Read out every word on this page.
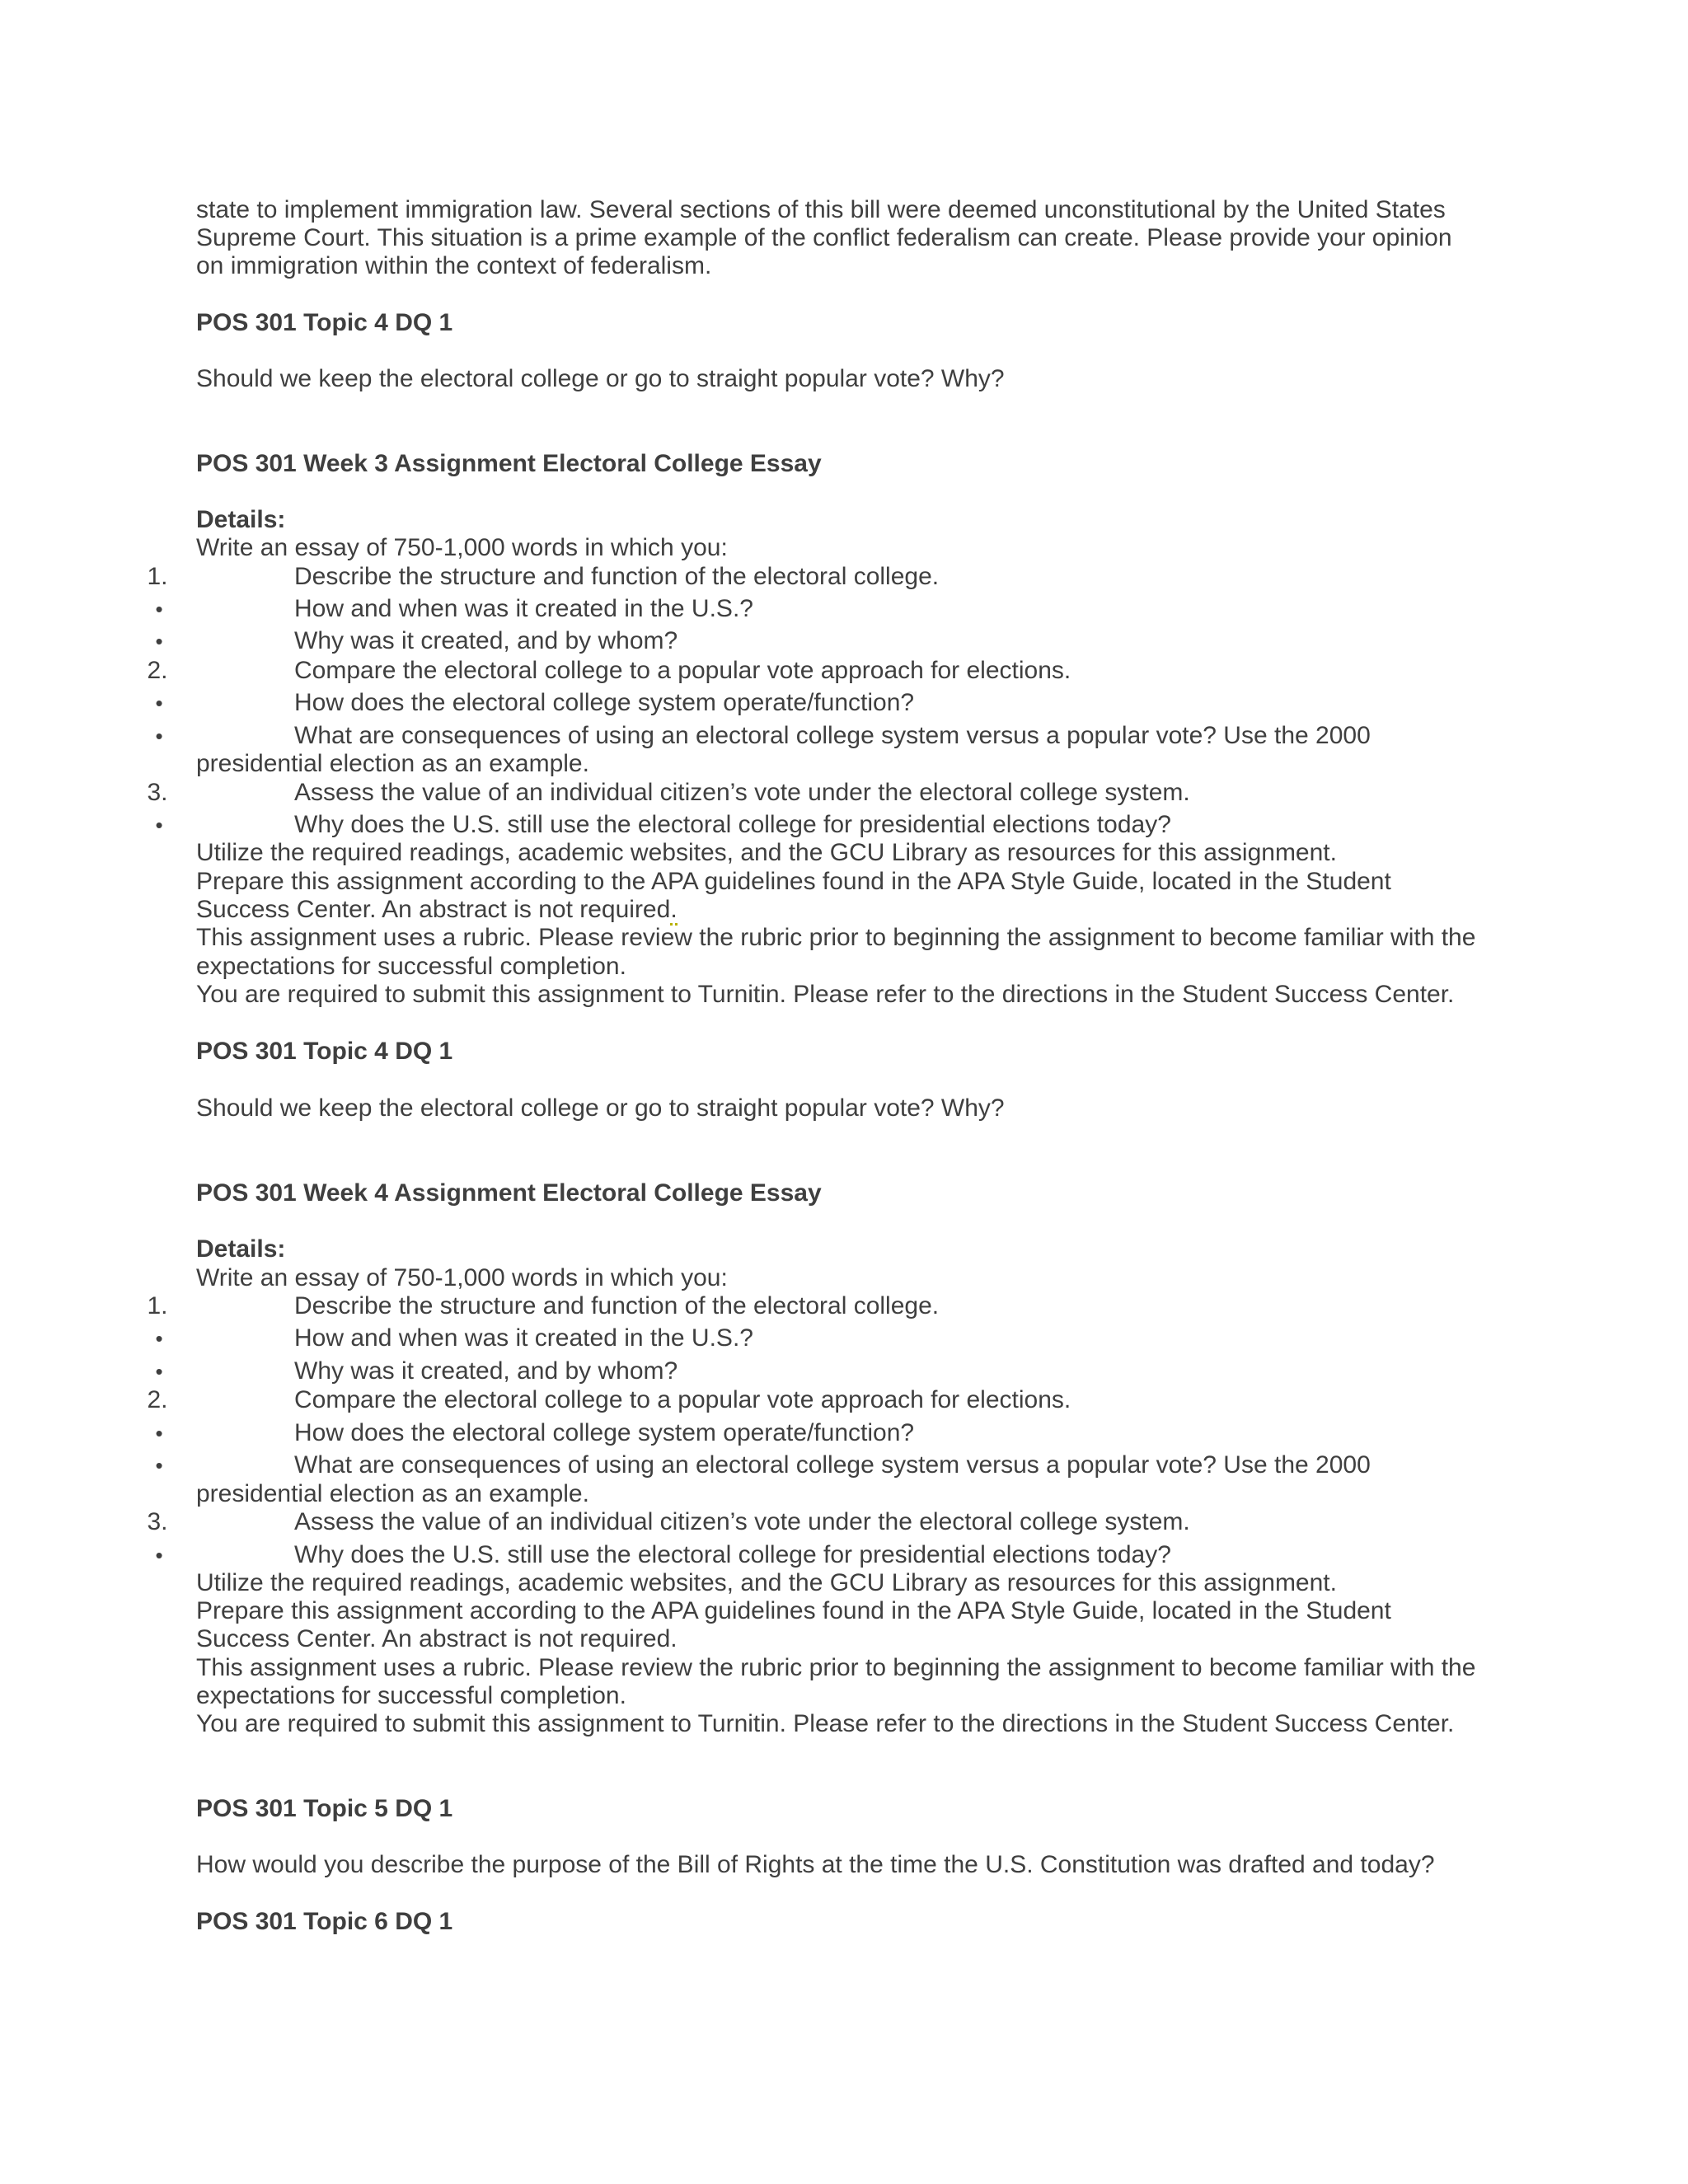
state to implement immigration law. Several sections of this bill were deemed unconstitutional by the United States
Supreme Court. This situation is a prime example of the conflict federalism can create. Please provide your opinion
on immigration within the context of federalism.
POS 301 Topic 4 DQ 1
Should we keep the electoral college or go to straight popular vote? Why?
POS 301 Week 3 Assignment Electoral College Essay
Details:
Write an essay of 750-1,000 words in which you:
1.	Describe the structure and function of the electoral college.
•	How and when was it created in the U.S.?
•	Why was it created, and by whom?
2.	Compare the electoral college to a popular vote approach for elections.
•	How does the electoral college system operate/function?
•	What are consequences of using an electoral college system versus a popular vote? Use the 2000
presidential election as an example.
3.	Assess the value of an individual citizen’s vote under the electoral college system.
•	Why does the U.S. still use the electoral college for presidential elections today?
Utilize the required readings, academic websites, and the GCU Library as resources for this assignment.
Prepare this assignment according to the APA guidelines found in the APA Style Guide, located in the Student
Success Center. An abstract is not required.
This assignment uses a rubric. Please review the rubric prior to beginning the assignment to become familiar with the
expectations for successful completion.
You are required to submit this assignment to Turnitin. Please refer to the directions in the Student Success Center.
POS 301 Topic 4 DQ 1
Should we keep the electoral college or go to straight popular vote? Why?
POS 301 Week 4 Assignment Electoral College Essay
Details:
Write an essay of 750-1,000 words in which you:
1.	Describe the structure and function of the electoral college.
•	How and when was it created in the U.S.?
•	Why was it created, and by whom?
2.	Compare the electoral college to a popular vote approach for elections.
•	How does the electoral college system operate/function?
•	What are consequences of using an electoral college system versus a popular vote? Use the 2000
presidential election as an example.
3.	Assess the value of an individual citizen’s vote under the electoral college system.
•	Why does the U.S. still use the electoral college for presidential elections today?
Utilize the required readings, academic websites, and the GCU Library as resources for this assignment.
Prepare this assignment according to the APA guidelines found in the APA Style Guide, located in the Student
Success Center. An abstract is not required.
This assignment uses a rubric. Please review the rubric prior to beginning the assignment to become familiar with the
expectations for successful completion.
You are required to submit this assignment to Turnitin. Please refer to the directions in the Student Success Center.
POS 301 Topic 5 DQ 1
How would you describe the purpose of the Bill of Rights at the time the U.S. Constitution was drafted and today?
POS 301 Topic 6 DQ 1
